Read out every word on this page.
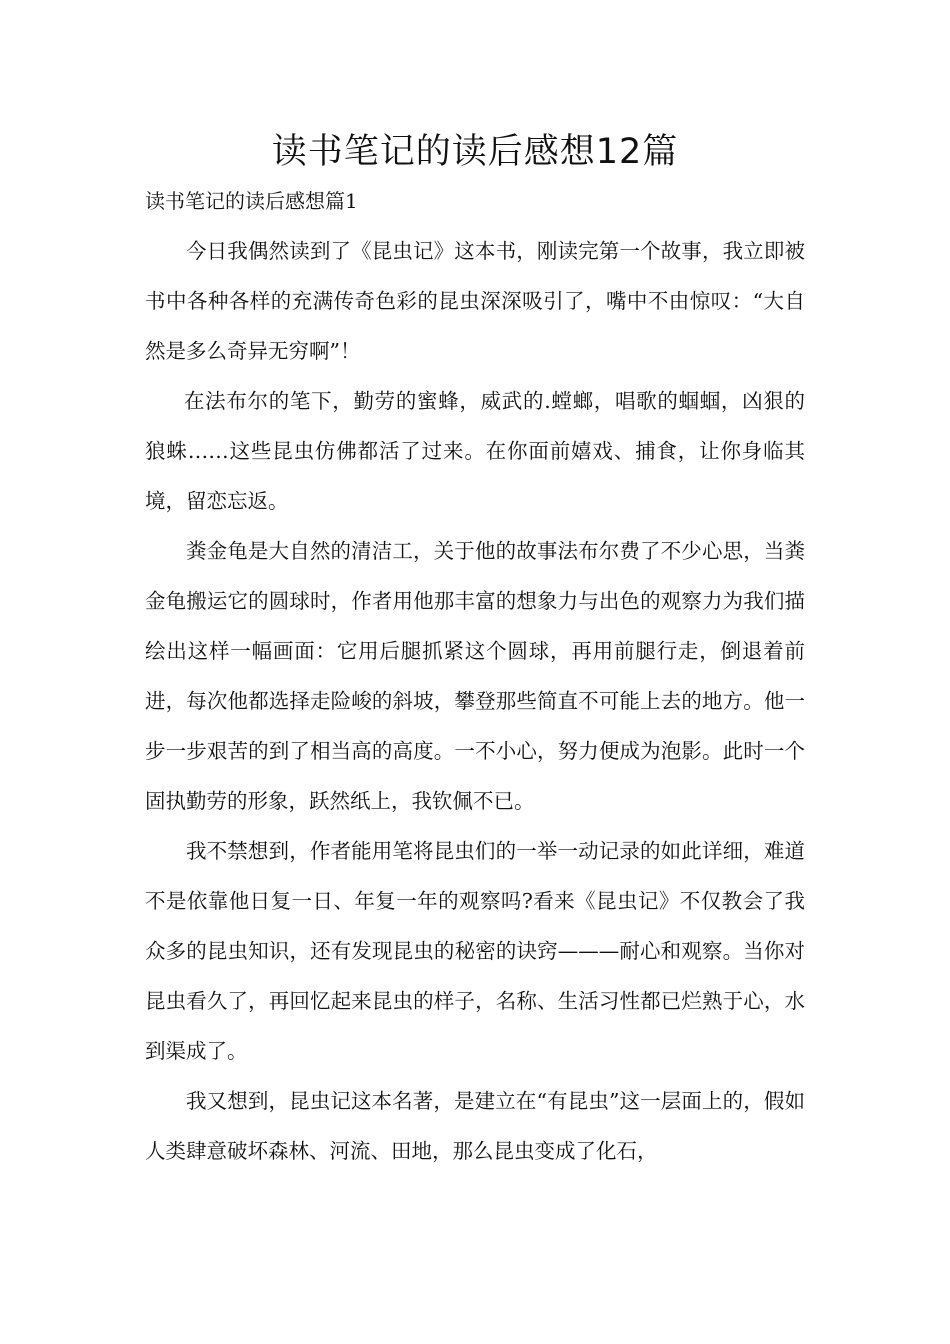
读书笔记的读后感想12篇
读书笔记的读后感想篇1

今日我偶然读到了《昆虫记》这本书，刚读完第一个故事，我立即被书中各种各样的充满传奇色彩的昆虫深深吸引了，嘴中不由惊叹：“大自然是多么奇异无穷啊”！

在法布尔的笔下，勤劳的蜜蜂，威武的.螳螂，唱歌的蝈蝈，凶狠的狼蛛……这些昆虫仿佛都活了过来。在你面前嬉戏、捕食，让你身临其境，留恋忘返。

粪金龟是大自然的清洁工，关于他的故事法布尔费了不少心思，当粪金龟搬运它的圆球时，作者用他那丰富的想象力与出色的观察力为我们描绘出这样一幅画面：它用后腿抓紧这个圆球，再用前腿行走，倒退着前进，每次他都选择走险峻的斜坡，攀登那些简直不可能上去的地方。他一步一步艰苦的到了相当高的高度。一不小心，努力便成为泡影。此时一个固执勤劳的形象，跃然纸上，我钦佩不已。

我不禁想到，作者能用笔将昆虫们的一举一动记录的如此详细，难道不是依靠他日复一日、年复一年的观察吗?看来《昆虫记》不仅教会了我众多的昆虫知识，还有发现昆虫的秘密的诀窍———耐心和观察。当你对昆虫看久了，再回忆起来昆虫的样子，名称、生活习性都已烂熟于心，水到渠成了。

我又想到，昆虫记这本名著，是建立在“有昆虫”这一层面上的，假如人类肆意破坏森林、河流、田地，那么昆虫变成了化石，
